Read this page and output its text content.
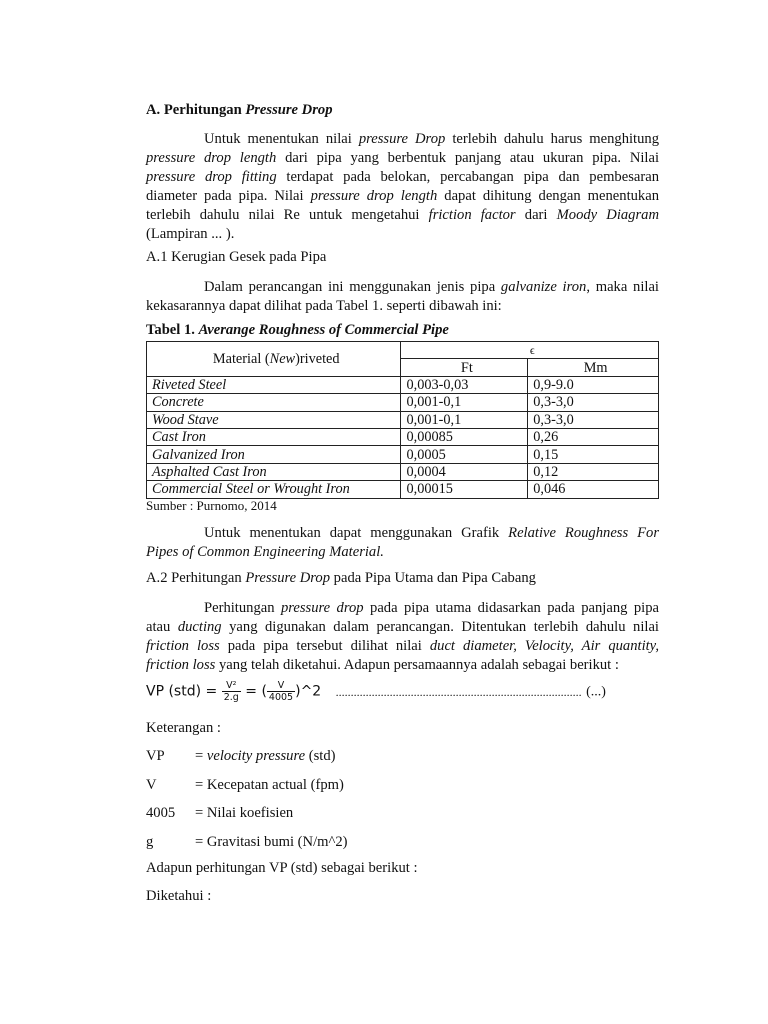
A. Perhitungan Pressure Drop
Untuk menentukan nilai pressure Drop terlebih dahulu harus menghitung
pressure drop length dari pipa yang berbentuk panjang atau ukuran pipa. Nilai
pressure drop fitting terdapat pada belokan, percabangan pipa dan pembesaran
diameter pada pipa. Nilai pressure drop length dapat dihitung dengan menentukan
terlebih dahulu nilai Re untuk mengetahui friction factor dari Moody Diagram
(Lampiran ... ).
A.1 Kerugian Gesek pada Pipa
Dalam perancangan ini menggunakan jenis pipa galvanize iron, maka nilai
kekasarannya dapat dilihat pada Tabel 1. seperti dibawah ini:
Tabel 1. Averange Roughness of Commercial Pipe
Material (New)riveted	ϵ	
	Ft	Mm
Riveted Steel	0,003-0,03	0,9-9.0
Concrete	0,001-0,1	0,3-3,0
Wood Stave	0,001-0,1	0,3-3,0
Cast Iron	0,00085	0,26
Galvanized Iron	0,0005	0,15
Asphalted Cast Iron	0,0004	0,12
Commercial Steel or Wrought Iron	0,00015	0,046
Sumber : Purnomo, 2014
Untuk menentukan dapat menggunakan Grafik Relative Roughness For
Pipes of Common Engineering Material.
A.2 Perhitungan Pressure Drop pada Pipa Utama dan Pipa Cabang
Perhitungan pressure drop pada pipa utama didasarkan pada panjang pipa
atau ducting yang digunakan dalam perancangan. Ditentukan terlebih dahulu nilai
friction loss pada pipa tersebut dilihat nilai duct diameter, Velocity, Air quantity,
friction loss yang telah diketahui. Adapun persamaannya adalah sebagai berikut :
VP $(std) = \frac{\text{V²}}{2.g}$ = ( $\frac{V}{4005}$ )^2 .................................................................................. (...)
Keterangan :
VP = velocity pressure (std)
V	= Kecepatan actual (fpm)
4005 = Nilai koefisien
g	= Gravitasi bumi (N/m^2)
Adapun perhitungan VP (std) sebagai berikut :
Diketahui :
